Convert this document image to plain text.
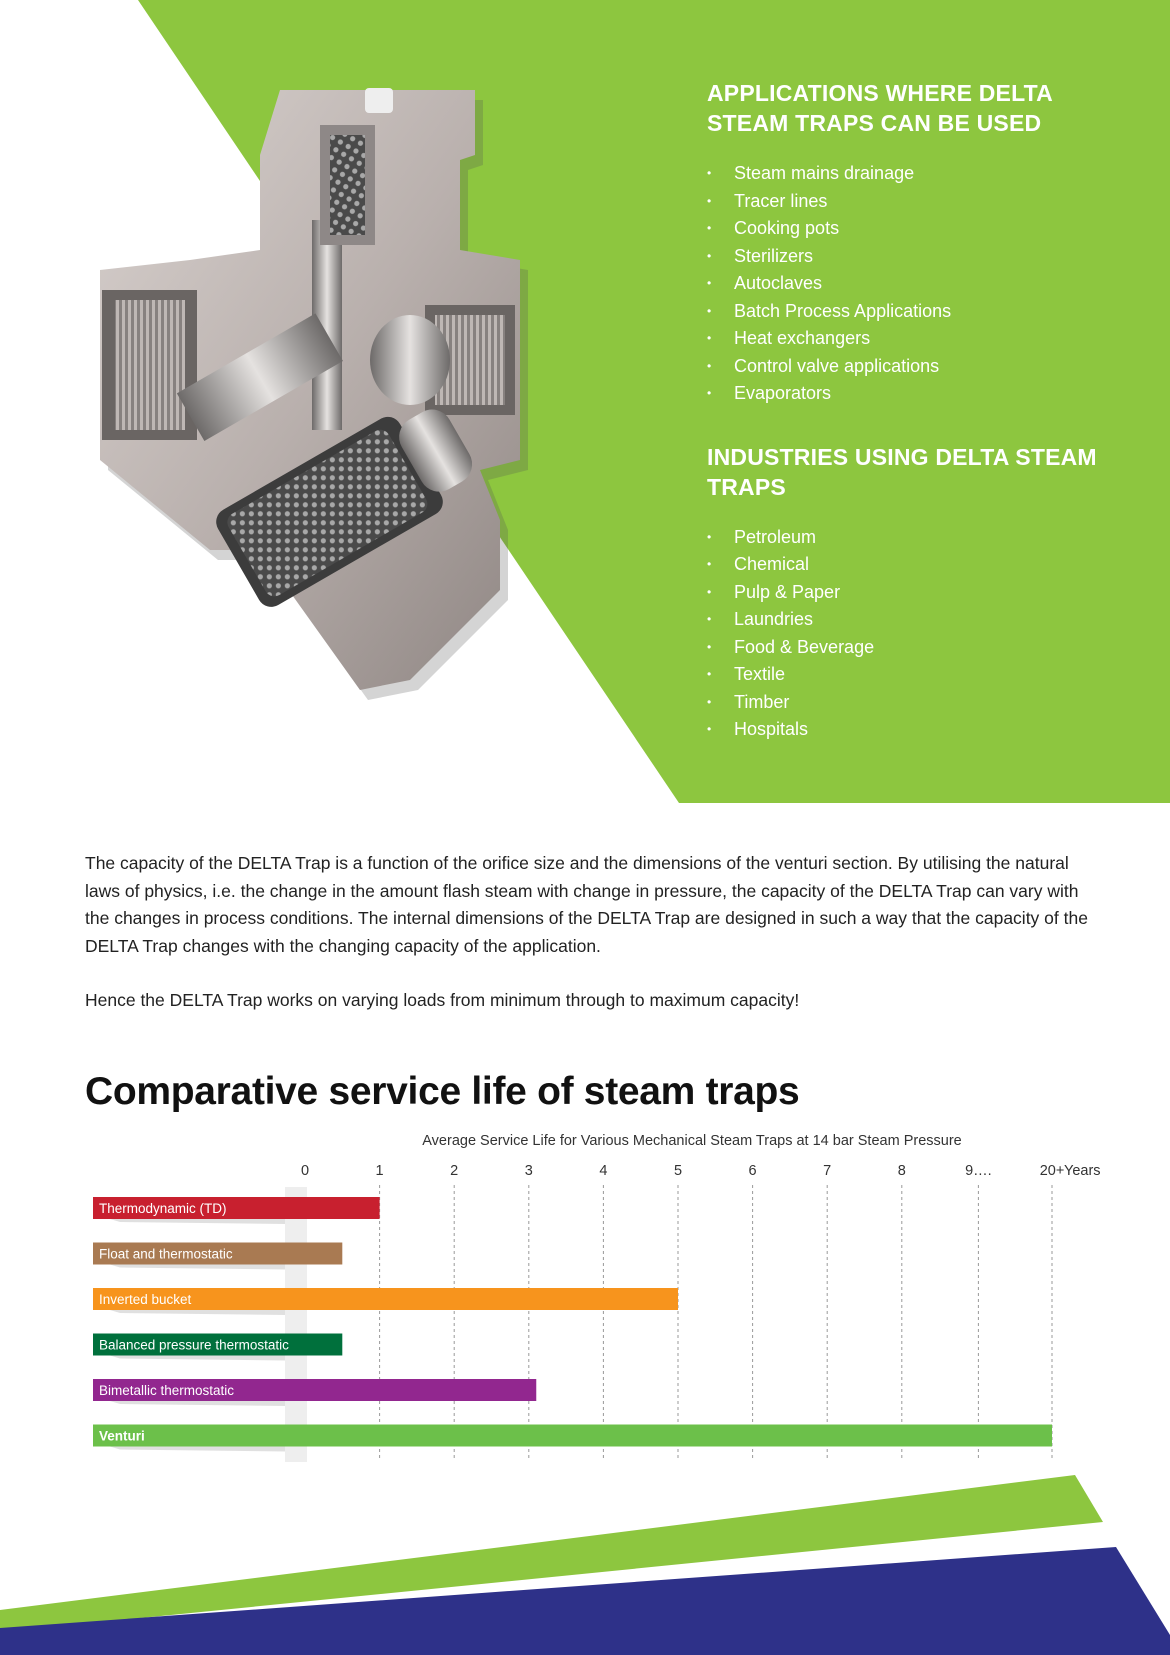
APPLICATIONS WHERE DELTA STEAM TRAPS CAN BE USED
• Steam mains drainage
• Tracer lines
• Cooking pots
• Sterilizers
• Autoclaves
• Batch Process Applications
• Heat exchangers
• Control valve applications
• Evaporators
INDUSTRIES USING DELTA STEAM TRAPS
• Petroleum
• Chemical
• Pulp & Paper
• Laundries
• Food & Beverage
• Textile
• Timber
• Hospitals

The capacity of the DELTA Trap is a function of the orifice size and the dimensions of the venturi section. By utilising the natural laws of physics, i.e. the change in the amount flash steam with change in pressure, the capacity of the DELTA Trap can vary with the changes in process conditions. The internal dimensions of the DELTA Trap are designed in such a way that the capacity of the DELTA Trap changes with the changing capacity of the application.

Hence the DELTA Trap works on varying loads from minimum through to maximum capacity!

Comparative service life of steam traps
Average Service Life for Various Mechanical Steam Traps at 14 bar Steam Pressure
0	1	2	3	4	5	6	7	8	9….	20+ Years
Thermodynamic (TD)
Float and thermostatic
Inverted bucket
Balanced pressure thermostatic
Bimetallic thermostatic
Venturi
